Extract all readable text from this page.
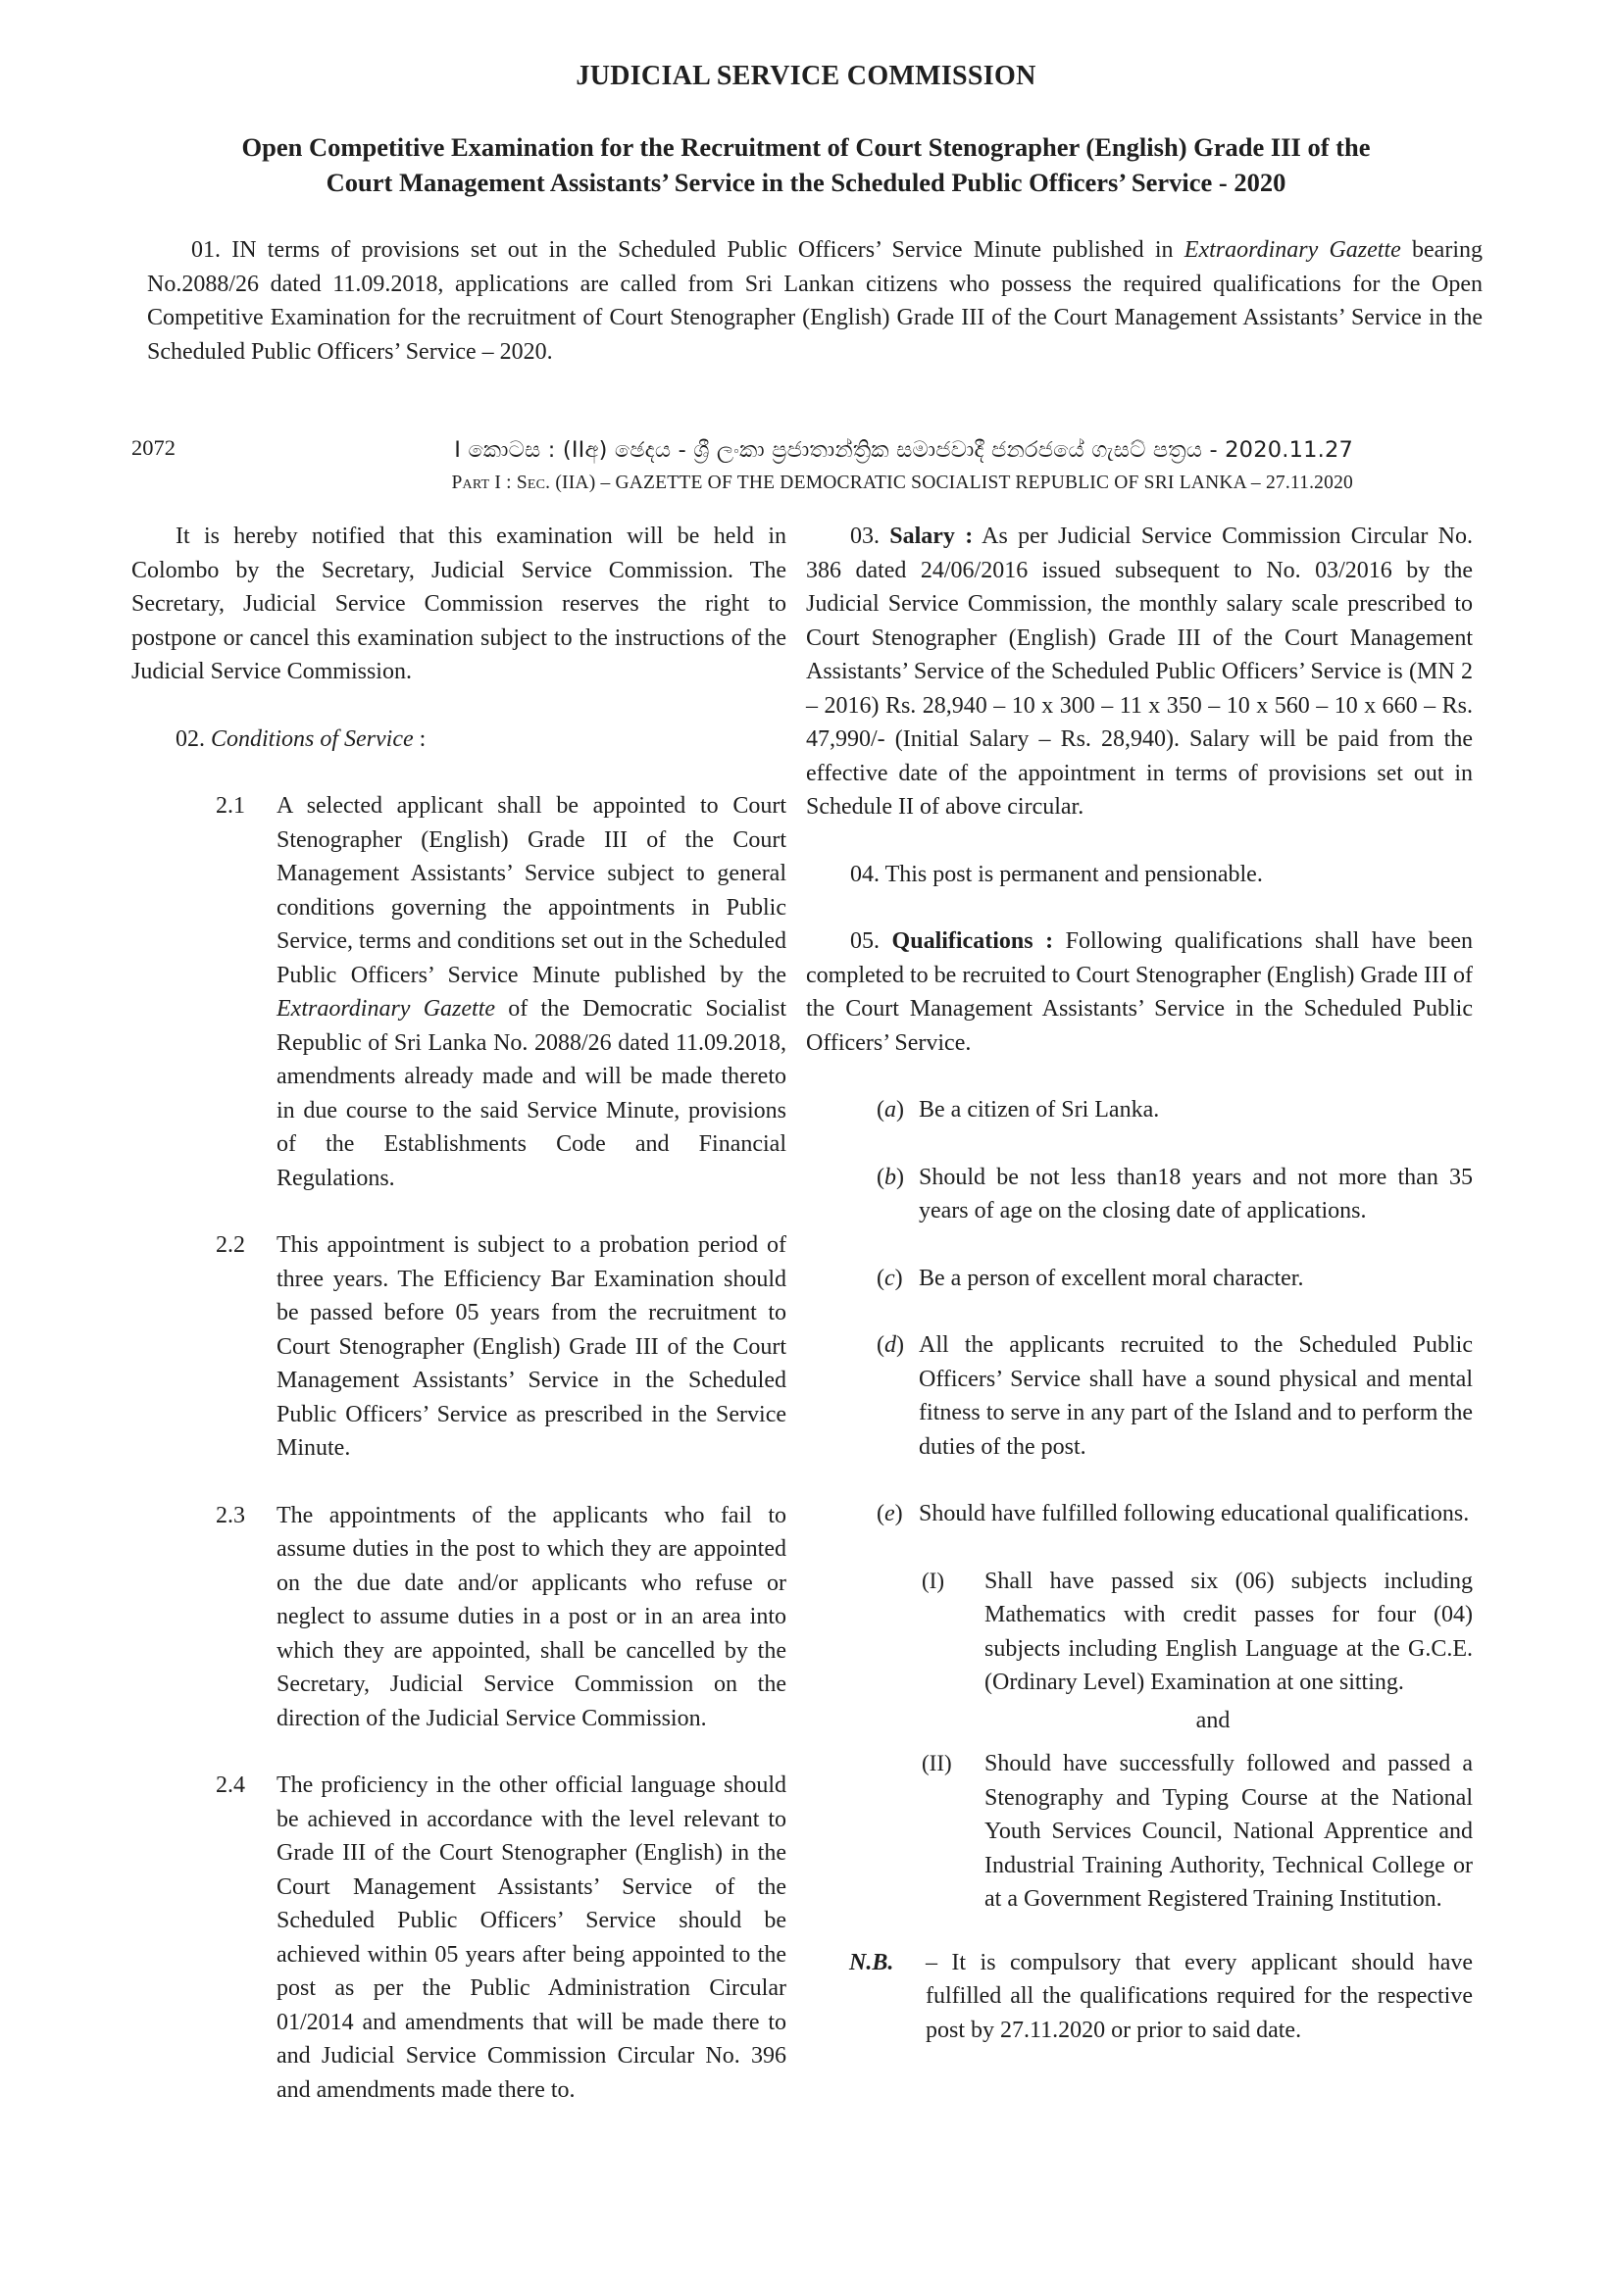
JUDICIAL SERVICE COMMISSION
Open Competitive Examination for the Recruitment of Court Stenographer (English) Grade III of the
Court Management Assistants’ Service in the Scheduled Public Officers’ Service - 2020

01. IN terms of provisions set out in the Scheduled Public Officers’ Service Minute published in Extraordinary Gazette bearing No.2088/26 dated 11.09.2018, applications are called from Sri Lankan citizens who possess the required qualifications for the Open Competitive Examination for the recruitment of Court Stenographer (English) Grade III of the Court Management Assistants’ Service in the Scheduled Public Officers’ Service – 2020.

2072	I කොටස : (IIඅ) ඡෙදය - ශ්‍රී ලංකා ප්‍රජාතාන්ත්‍රික සමාජවාදී ජනරජයේ ගැසට් පත්‍රය - 2020.11.27
Part I : Sec. (IIA) – GAZETTE OF THE DEMOCRATIC SOCIALIST REPUBLIC OF SRI LANKA – 27.11.2020

It is hereby notified that this examination will be held in Colombo by the Secretary, Judicial Service Commission. The Secretary, Judicial Service Commission reserves the right to postpone or cancel this examination subject to the instructions of the Judicial Service Commission.

02. Conditions of Service :

2.1 A selected applicant shall be appointed to Court Stenographer (English) Grade III of the Court Management Assistants’ Service subject to general conditions governing the appointments in Public Service, terms and conditions set out in the Scheduled Public Officers’ Service Minute published by the Extraordinary Gazette of the Democratic Socialist Republic of Sri Lanka No. 2088/26 dated 11.09.2018, amendments already made and will be made thereto in due course to the said Service Minute, provisions of the Establishments Code and Financial Regulations.
2.2 This appointment is subject to a probation period of three years. The Efficiency Bar Examination should be passed before 05 years from the recruitment to Court Stenographer (English) Grade III of the Court Management Assistants’ Service in the Scheduled Public Officers’ Service as prescribed in the Service Minute.
2.3 The appointments of the applicants who fail to assume duties in the post to which they are appointed on the due date and/or applicants who refuse or neglect to assume duties in a post or in an area into which they are appointed, shall be cancelled by the Secretary, Judicial Service Commission on the direction of the Judicial Service Commission.
2.4 The proficiency in the other official language should be achieved in accordance with the level relevant to Grade III of the Court Stenographer (English) in the Court Management Assistants’ Service of the Scheduled Public Officers’ Service should be achieved within 05 years after being appointed to the post as per the Public Administration Circular 01/2014 and amendments that will be made there to and Judicial Service Commission Circular No. 396 and amendments made there to.

03. Salary : As per Judicial Service Commission Circular No. 386 dated 24/06/2016 issued subsequent to No. 03/2016 by the Judicial Service Commission, the monthly salary scale prescribed to Court Stenographer (English) Grade III of the Court Management Assistants’ Service of the Scheduled Public Officers’ Service is (MN 2 – 2016) Rs. 28,940 – 10 x 300 – 11 x 350 – 10 x 560 – 10 x 660 – Rs. 47,990/- (Initial Salary – Rs. 28,940). Salary will be paid from the effective date of the appointment in terms of provisions set out in Schedule II of above circular.

04. This post is permanent and pensionable.

05. Qualifications : Following qualifications shall have been completed to be recruited to Court Stenographer (English) Grade III of the Court Management Assistants’ Service in the Scheduled Public Officers’ Service.

(a) Be a citizen of Sri Lanka.
(b) Should be not less than18 years and not more than 35 years of age on the closing date of applications.
(c) Be a person of excellent moral character.
(d) All the applicants recruited to the Scheduled Public Officers’ Service shall have a sound physical and mental fitness to serve in any part of the Island and to perform the duties of the post.
(e) Should have fulfilled following educational qualifications.
(I) Shall have passed six (06) subjects including Mathematics with credit passes for four (04) subjects including English Language at the G.C.E. (Ordinary Level) Examination at one sitting.
and
(II) Should have successfully followed and passed a Stenography and Typing Course at the National Youth Services Council, National Apprentice and Industrial Training Authority, Technical College or at a Government Registered Training Institution.
N.B. – It is compulsory that every applicant should have fulfilled all the qualifications required for the respective post by 27.11.2020 or prior to said date.
